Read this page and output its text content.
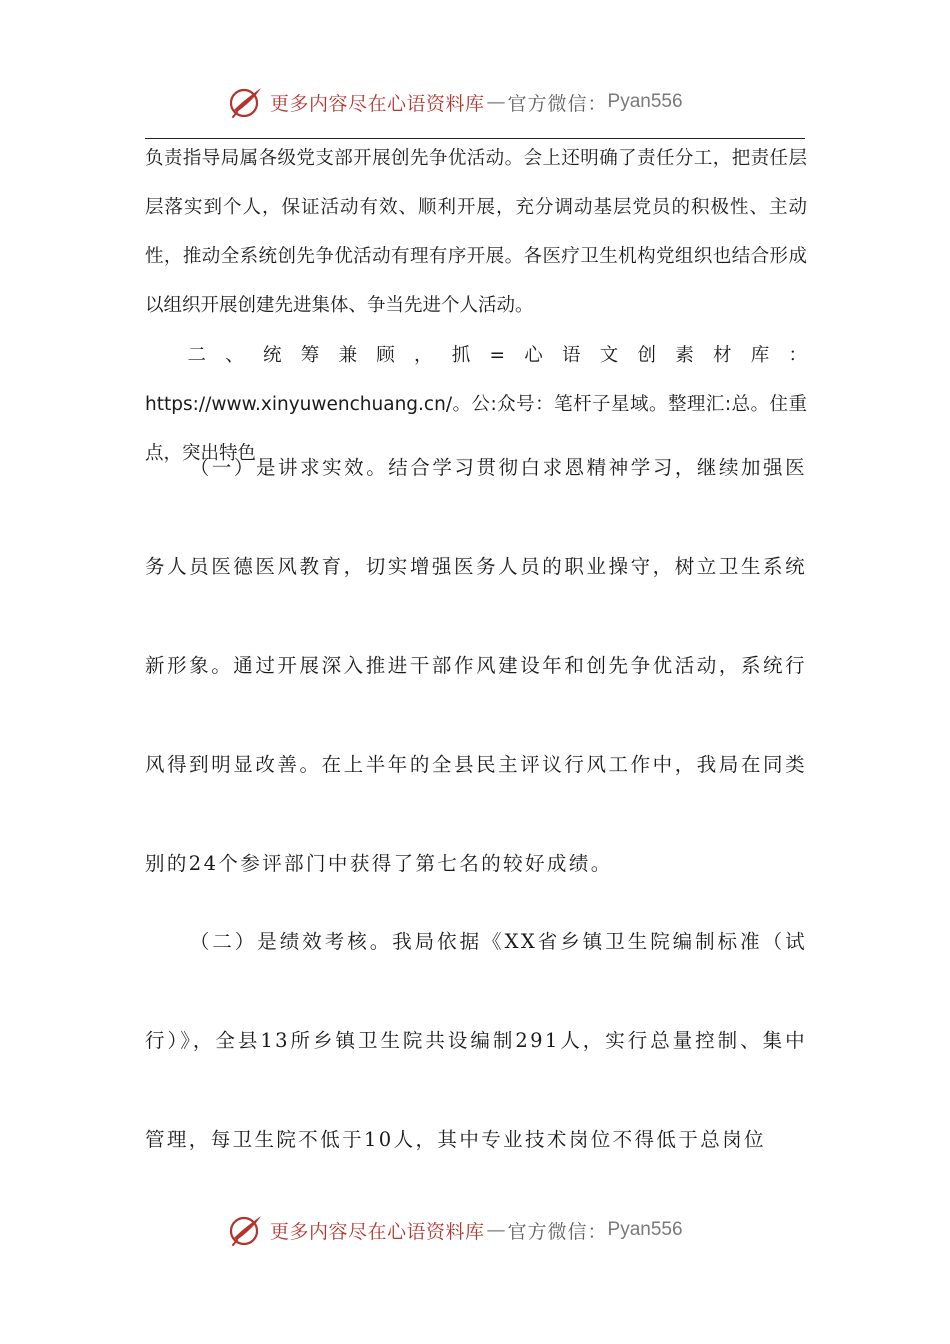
更多内容尽在心语资料库 — 官方微信： Pyan556

负责指导局属各级党支部开展创先争优活动。会上还明确了责任分工，把责任层层落实到个人，保证活动有效、顺利开展，充分调动基层党员的积极性、主动性，推动全系统创先争优活动有理有序开展。各医疗卫生机构党组织也结合形成以组织开展创建先进集体、争当先进个人活动。

二、统筹兼顾，抓=心语文创素材库：https://www.xinyuwenchuang.cn/。公:众号：笔杆子星域。整理汇:总。住重点，突出特色

（一）是讲求实效。结合学习贯彻白求恩精神学习，继续加强医务人员医德医风教育，切实增强医务人员的职业操守，树立卫生系统新形象。通过开展深入推进干部作风建设年和创先争优活动，系统行风得到明显改善。在上半年的全县民主评议行风工作中，我局在同类别的24个参评部门中获得了第七名的较好成绩。

（二）是绩效考核。我局依据《XX省乡镇卫生院编制标准（试行）》，全县13所乡镇卫生院共设编制291人，实行总量控制、集中管理，每卫生院不低于10人，其中专业技术岗位不得低于总岗位

更多内容尽在心语资料库 — 官方微信： Pyan556
